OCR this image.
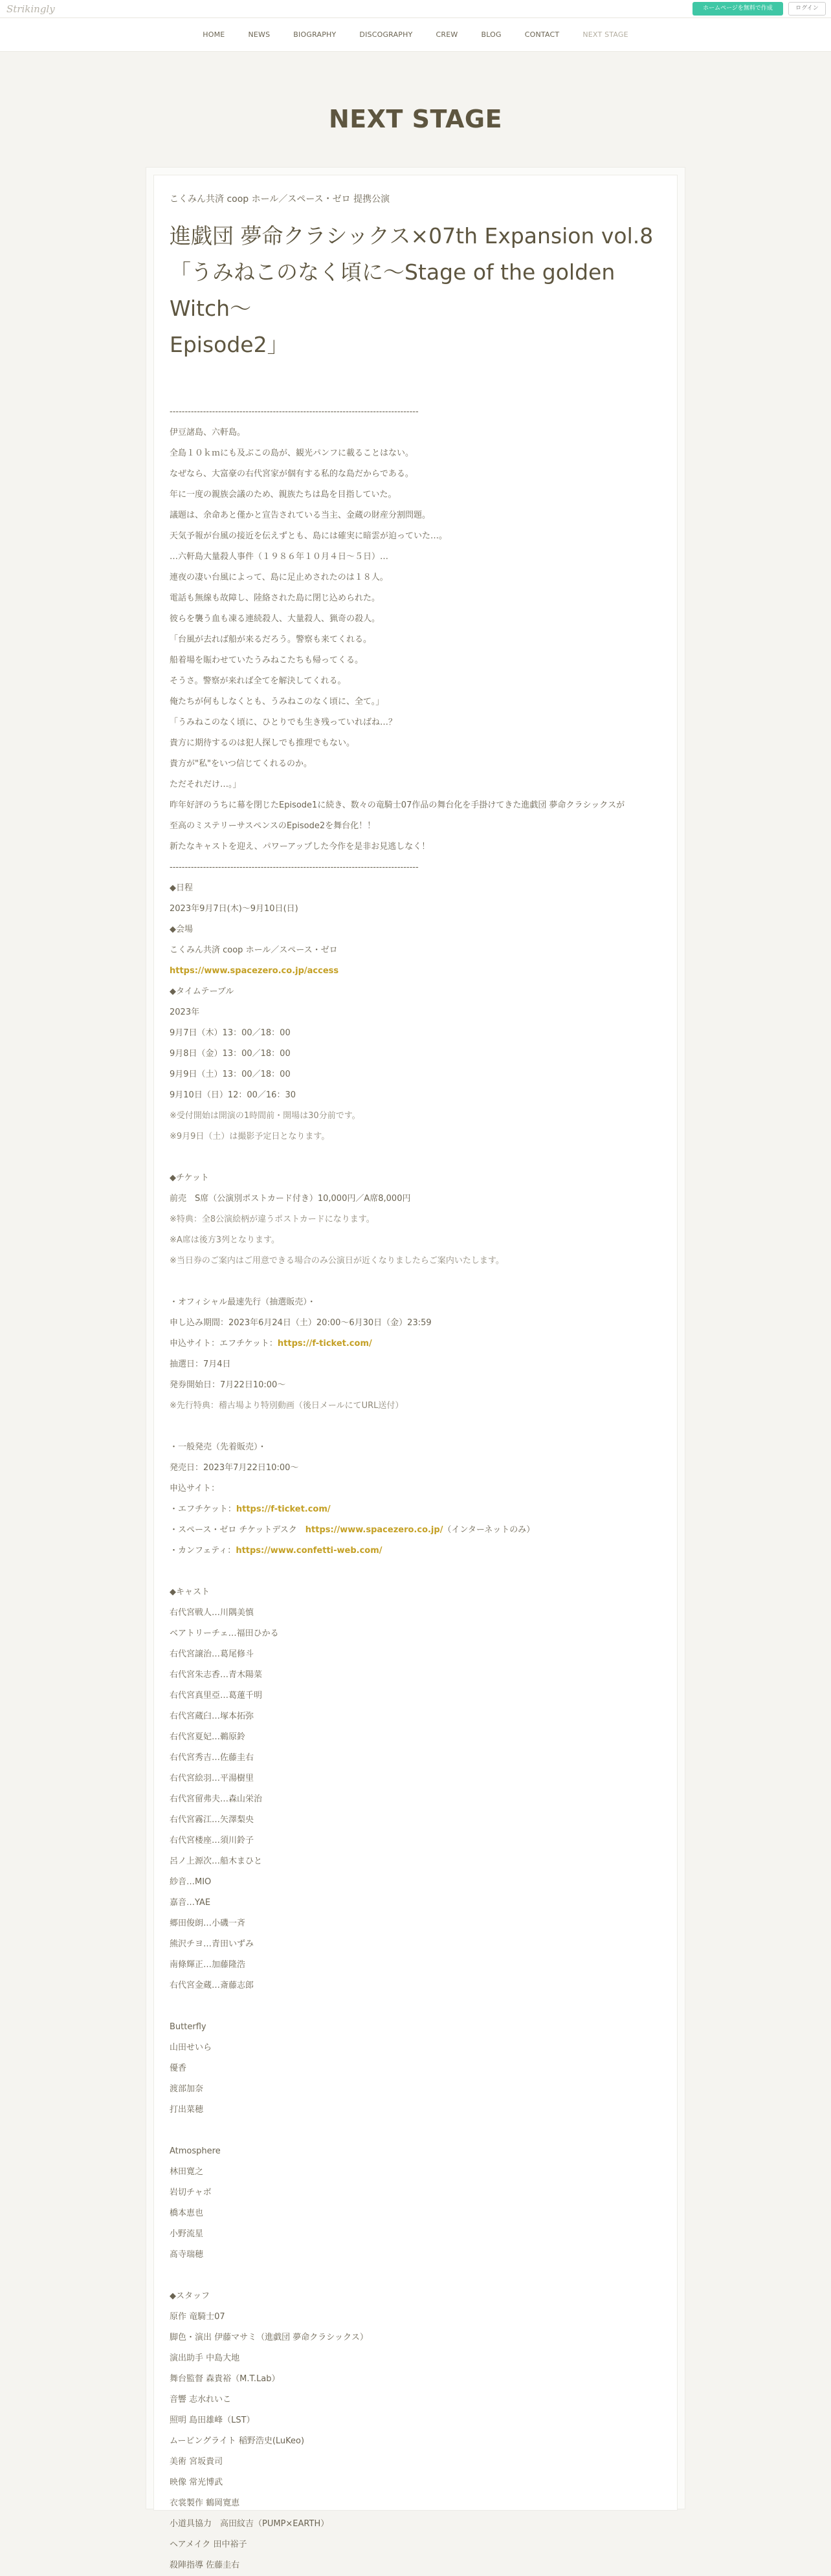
Strikingly	ホームページを無料で作成	ログイン
HOME	NEWS	BIOGRAPHY	DISCOGRAPHY	CREW	BLOG	CONTACT	NEXT STAGE
NEXT STAGE
こくみん共済 coop ホール／スペース・ゼロ 提携公演
進戯団 夢命クラシックス×07th Expansion vol.8
「うみねこのなく頃に〜Stage of the golden Witch〜
Episode2」
----------------------------------------------------------------------------------
伊豆諸島、六軒島。
全島１０ｋｍにも及ぶこの島が、観光パンフに載ることはない。
なぜなら、大富豪の右代宮家が個有する私的な島だからである。
年に一度の親族会議のため、親族たちは島を目指していた。
議題は、余命あと僅かと宣告されている当主、金蔵の財産分割問題。
天気予報が台風の接近を伝えずとも、島には確実に暗雲が迫っていた…。
…六軒島大量殺人事件（１９８６年１０月４日〜５日）…
連夜の凄い台風によって、島に足止めされたのは１８人。
電話も無線も故障し、陸絡された島に閉じ込められた。
彼らを襲う血も凍る連続殺人、大量殺人、猟奇の殺人。
「台風が去れば船が来るだろう。警察も来てくれる。
船着場を賑わせていたうみねこたちも帰ってくる。
そうさ。警察が来れば全てを解決してくれる。
俺たちが何もしなくとも、うみねこのなく頃に、全て。」
「うみねこのなく頃に、ひとりでも生き残っていればね…？
貴方に期待するのは犯人探しでも推理でもない。
貴方が"私"をいつ信じてくれるのか。
ただそれだけ…。」
昨年好評のうちに幕を閉じたEpisode1に続き、数々の竜騎士07作品の舞台化を手掛けてきた進戯団 夢命クラシックスが
至高のミステリーサスペンスのEpisode2を舞台化！！
新たなキャストを迎え、パワーアップした今作を是非お見逃しなく！
----------------------------------------------------------------------------------
◆日程
2023年9月7日(木)〜9月10日(日)
◆会場
こくみん共済 coop ホール／スペース・ゼロ
https://www.spacezero.co.jp/access
◆タイムテーブル
2023年
9月7日（木）13：00／18：00
9月8日（金）13：00／18：00
9月9日（土）13：00／18：00
9月10日（日）12：00／16：30
※受付開始は開演の1時間前・開場は30分前です。
※9月9日（土）は撮影予定日となります。
◆チケット
前売　S席（公演別ポストカード付き）10,000円／A席8,000円
※特典：全8公演絵柄が違うポストカードになります。
※A席は後方3列となります。
※当日券のご案内はご用意できる場合のみ公演日が近くなりましたらご案内いたします。
・オフィシャル最速先行（抽選販売）・
申し込み期間：2023年6月24日（土）20:00〜6月30日（金）23:59
申込サイト：エフチケット：https://f-ticket.com/
抽選日：7月4日
発券開始日：7月22日10:00〜
※先行特典：稽古場より特別動画（後日メールにてURL送付）
・一般発売（先着販売）・
発売日：2023年7月22日10:00〜
申込サイト：
・エフチケット：https://f-ticket.com/
・スペース・ゼロ チケットデスク　https://www.spacezero.co.jp/（インターネットのみ）
・カンフェティ：https://www.confetti-web.com/
◆キャスト
右代宮戦人…川隅美慎
ベアトリーチェ…福田ひかる
右代宮譲治…葛尾修斗
右代宮朱志香…青木陽菜
右代宮真里亞…葛蓮千明
右代宮蔵臼…塚本拓弥
右代宮夏妃…鵜原鈴
右代宮秀吉…佐藤圭右
右代宮絵羽…平湯樹里
右代宮留弗夫…森山栄治
右代宮霧江…矢澤梨央
右代宮楼座…須川鈴子
呂ノ上源次…船木まひと
紗音…MIO
嘉音…YAE
郷田俊朗…小磯一斉
熊沢チヨ…青田いずみ
南條輝正…加藤隆浩
右代宮金蔵…斎藤志郎
Butterfly
山田せいら
優香
渡部加奈
打出菜穂
Atmosphere
林田寛之
岩切チャボ
橋本恵也
小野流星
髙寺瑞穂
◆スタッフ
原作 竜騎士07
脚色・演出 伊藤マサミ（進戯団 夢命クラシックス）
演出助手 中島大地
舞台監督 森貴裕（M.T.Lab）
音響 志水れいこ
照明 島田雄峰（LST）
ムービングライト 稲野浩史(LuKeo)
美術 宮坂貴司
映像 常光博武
衣裳製作 鶴岡寛恵
小道具協力　高田紋吉（PUMP×EARTH）
ヘアメイク 田中裕子
殺陣指導 佐藤圭右
